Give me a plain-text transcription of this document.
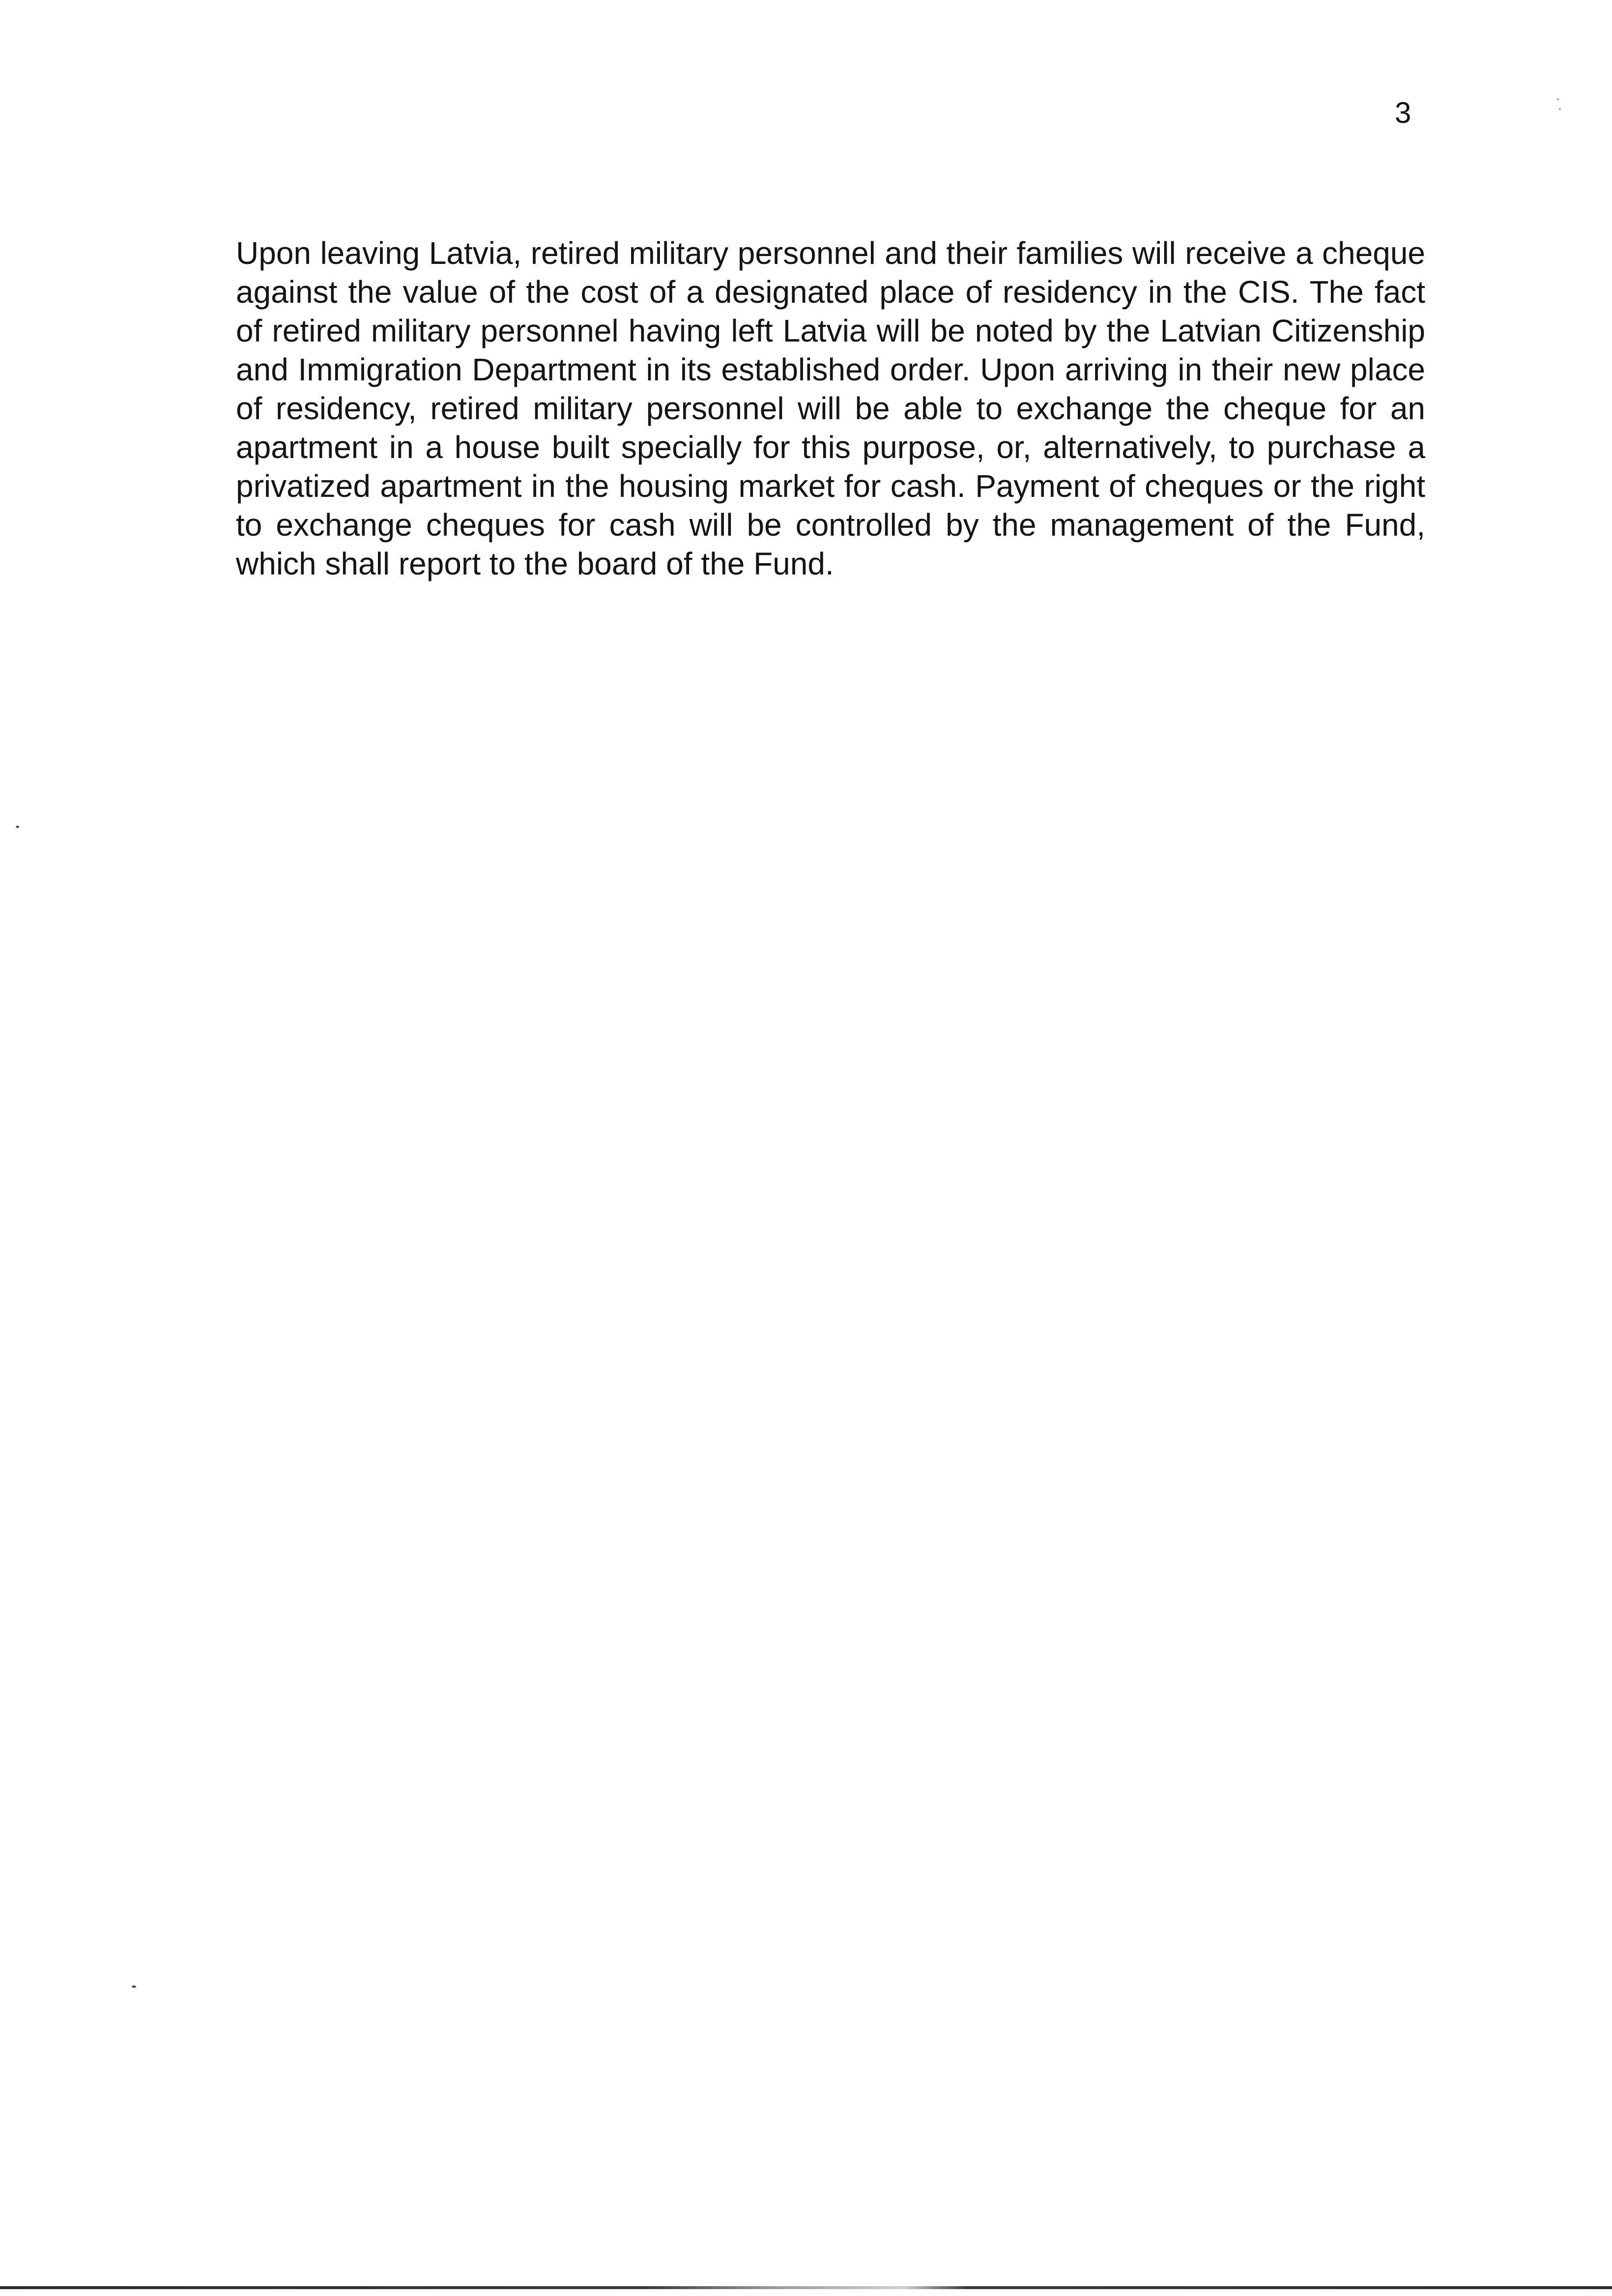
3

Upon leaving Latvia, retired military personnel and their families will receive a cheque against the value of the cost of a designated place of residency in the CIS. The fact of retired military personnel having left Latvia will be noted by the Latvian Citizenship and Immigration Department in its established order. Upon arriving in their new place of residency, retired military personnel will be able to exchange the cheque for an apartment in a house built specially for this purpose, or, alternatively, to purchase a privatized apartment in the housing market for cash. Payment of cheques or the right to exchange cheques for cash will be controlled by the management of the Fund, which shall report to the board of the Fund.
